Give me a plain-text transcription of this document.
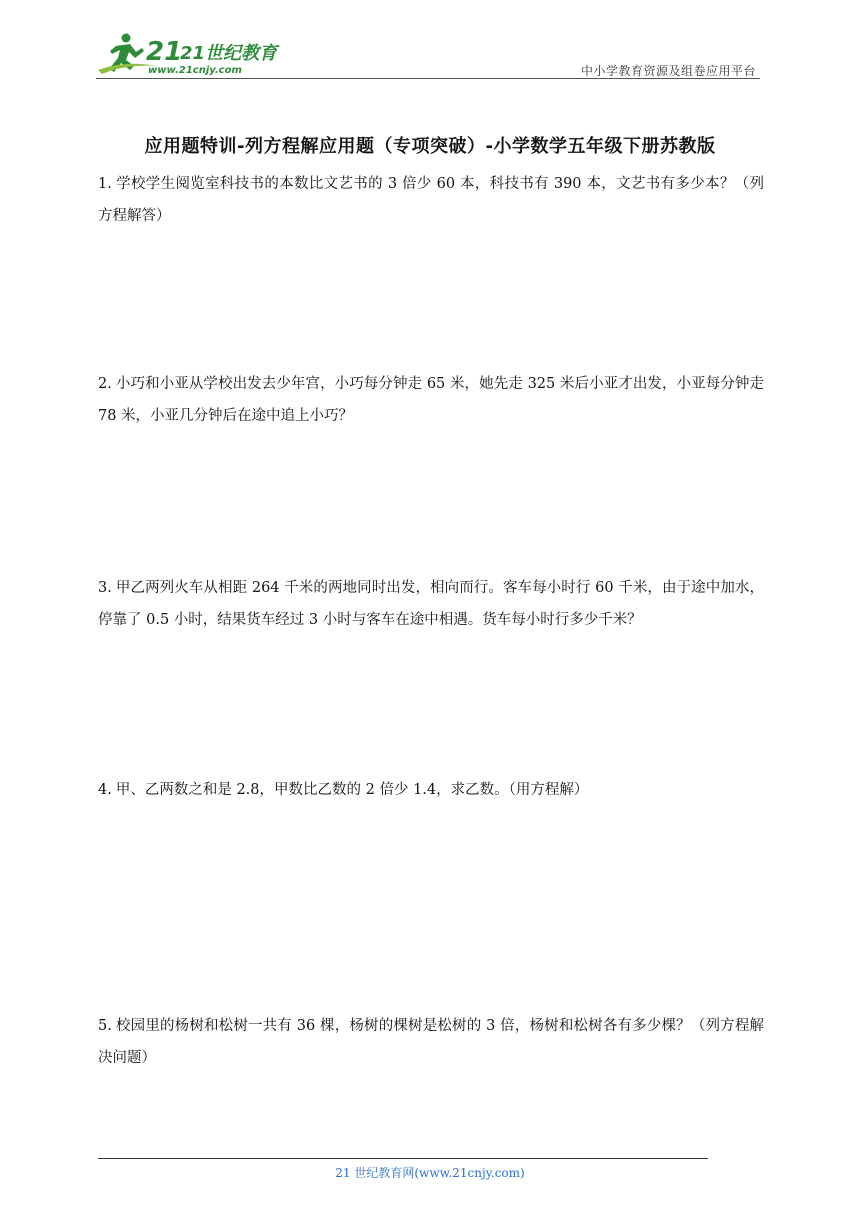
21
21世纪教育
www.21cnjy.com	中小学教育资源及组卷应用平台
应用题特训-列方程解应用题（专项突破）-小学数学五年级下册苏教版
1. 学校学生阅览室科技书的本数比文艺书的 3 倍少 60 本，科技书有 390 本，文艺书有多少本？（列方程解答）
2. 小巧和小亚从学校出发去少年宫，小巧每分钟走 65 米，她先走 325 米后小亚才出发，小亚每分钟走 78 米，小亚几分钟后在途中追上小巧？
3. 甲乙两列火车从相距 264 千米的两地同时出发，相向而行。客车每小时行 60 千米，由于途中加水，停靠了 0.5 小时，结果货车经过 3 小时与客车在途中相遇。货车每小时行多少千米？
4. 甲、乙两数之和是 2.8，甲数比乙数的 2 倍少 1.4，求乙数。（用方程解）
5. 校园里的杨树和松树一共有 36 棵，杨树的棵树是松树的 3 倍，杨树和松树各有多少棵？（列方程解决问题）
21 世纪教育网(www.21cnjy.com)
